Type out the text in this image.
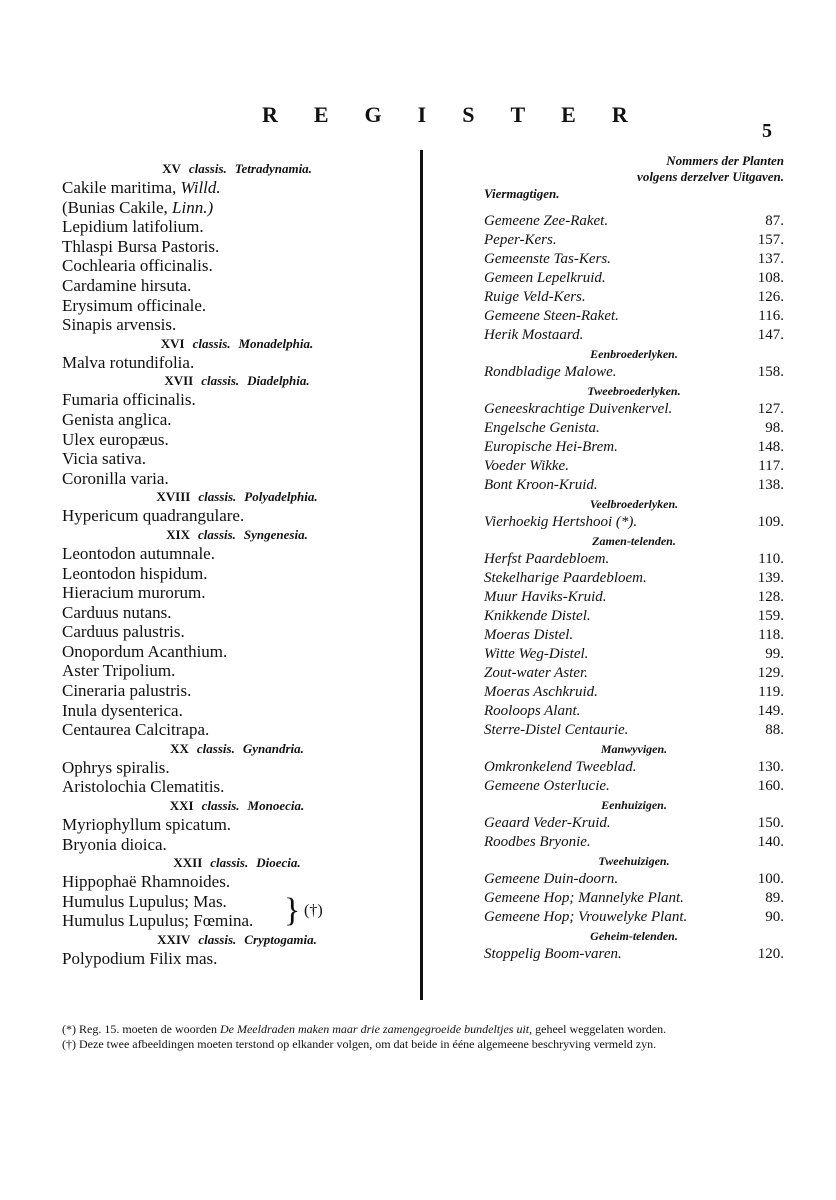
REGISTER
5
XV classis. Tetradynamia.
Cakile maritima, Willd.
(Bunias Cakile, Linn.)
Lepidium latifolium.
Thlaspi Bursa Pastoris.
Cochlearia officinalis.
Cardamine hirsuta.
Erysimum officinale.
Sinapis arvensis.
XVI classis. Monadelphia.
Malva rotundifolia.
XVII classis. Diadelphia.
Fumaria officinalis.
Genista anglica.
Ulex europæus.
Vicia sativa.
Coronilla varia.
XVIII classis. Polyadelphia.
Hypericum quadrangulare.
XIX classis. Syngenesia.
Leontodon autumnale.
Leontodon hispidum.
Hieracium murorum.
Carduus nutans.
Carduus palustris.
Onopordum Acanthium.
Aster Tripolium.
Cineraria palustris.
Inula dysenterica.
Centaurea Calcitrapa.
XX classis. Gynandria.
Ophrys spiralis.
Aristolochia Clematitis.
XXI classis. Monoecia.
Myriophyllum spicatum.
Bryonia dioica.
XXII classis. Dioecia.
Hippophaë Rhamnoides.
Humulus Lupulus; Mas.
Humulus Lupulus; Fœmina. } (†)
XXIV classis. Cryptogamia.
Polypodium Filix mas.
Nommers der Planten
volgens derzelver Uitgaven.
Viermagtigen.
Gemeene Zee-Raket.	87.
Peper-Kers.	157.
Gemeenste Tas-Kers.	137.
Gemeen Lepelkruid.	108.
Ruige Veld-Kers.	126.
Gemeene Steen-Raket.	116.
Herik Mostaard.	147.
Eenbroederlyken.
Rondbladige Malowe.	158.
Tweebroederlyken.
Geneeskrachtige Duivenkervel.	127.
Engelsche Genista.	98.
Europische Hei-Brem.	148.
Voeder Wikke.	117.
Bont Kroon-Kruid.	138.
Veelbroederlyken.
Vierhoekig Hertshooi (*).	109.
Zamen-telenden.
Herfst Paardebloem.	110.
Stekelharige Paardebloem.	139.
Muur Haviks-Kruid.	128.
Knikkende Distel.	159.
Moeras Distel.	118.
Witte Weg-Distel.	99.
Zout-water Aster.	129.
Moeras Aschkruid.	119.
Rooloops Alant.	149.
Sterre-Distel Centaurie.	88.
Manwyvigen.
Omkronkelend Tweeblad.	130.
Gemeene Osterlucie.	160.
Eenhuizigen.
Geaard Veder-Kruid.	150.
Roodbes Bryonie.	140.
Tweehuizigen.
Gemeene Duin-doorn.	100.
Gemeene Hop; Mannelyke Plant.	89.
Gemeene Hop; Vrouwelyke Plant.	90.
Geheim-telenden.
Stoppelig Boom-varen.	120.

(*) Reg. 15. moeten de woorden De Meeldraden maken maar drie zamengegroeide bundeltjes uit, geheel weggelaten worden.

(†) Deze twee afbeeldingen moeten terstond op elkander volgen, om dat beide in ééne algemeene beschryving vermeld zyn.
